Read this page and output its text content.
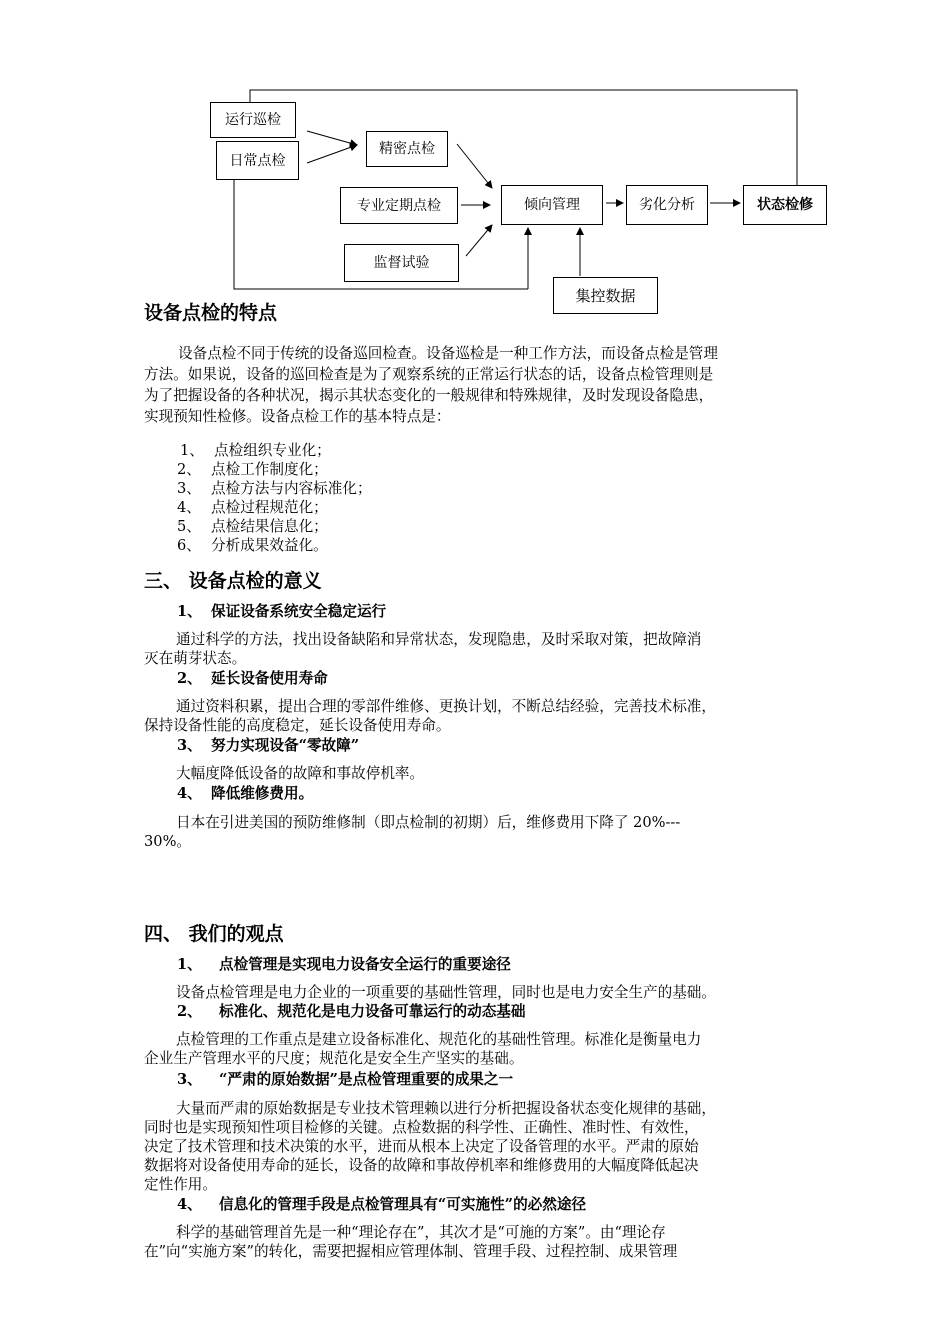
运行巡检
日常点检
精密点检
专业定期点检
监督试验
倾向管理	劣化分析	状态检修
集控数据
设备点检的特点
设备点检不同于传统的设备巡回检查。设备巡检是一种工作方法，而设备点检是管理
方法。如果说，设备的巡回检查是为了观察系统的正常运行状态的话，设备点检管理则是
为了把握设备的各种状况，揭示其状态变化的一般规律和特殊规律，及时发现设备隐患，
实现预知性检修。设备点检工作的基本特点是：
1、 点检组织专业化；
2、 点检工作制度化；
3、 点检方法与内容标准化；
4、 点检过程规范化；
5、 点检结果信息化；
6、 分析成果效益化。
三、 设备点检的意义
1、 保证设备系统安全稳定运行
通过科学的方法，找出设备缺陷和异常状态，发现隐患，及时采取对策，把故障消
灭在萌芽状态。
2、 延长设备使用寿命
通过资料积累，提出合理的零部件维修、更换计划，不断总结经验，完善技术标准，
保持设备性能的高度稳定，延长设备使用寿命。
3、 努力实现设备“零故障”
大幅度降低设备的故障和事故停机率。
4、 降低维修费用。
日本在引进美国的预防维修制（即点检制的初期）后，维修费用下降了 20%---
30%。
四、 我们的观点
1、 点检管理是实现电力设备安全运行的重要途径
设备点检管理是电力企业的一项重要的基础性管理，同时也是电力安全生产的基础。
2、 标准化、规范化是电力设备可靠运行的动态基础
点检管理的工作重点是建立设备标准化、规范化的基础性管理。标准化是衡量电力
企业生产管理水平的尺度；规范化是安全生产坚实的基础。
3、 “严肃的原始数据”是点检管理重要的成果之一
大量而严肃的原始数据是专业技术管理赖以进行分析把握设备状态变化规律的基础，
同时也是实现预知性项目检修的关键。点检数据的科学性、正确性、准时性、有效性，
决定了技术管理和技术决策的水平，进而从根本上决定了设备管理的水平。严肃的原始
数据将对设备使用寿命的延长，设备的故障和事故停机率和维修费用的大幅度降低起决
定性作用。
4、 信息化的管理手段是点检管理具有“可实施性”的必然途径
科学的基础管理首先是一种“理论存在”，其次才是“可施的方案”。由“理论存
在”向“实施方案”的转化，需要把握相应管理体制、管理手段、过程控制、成果管理
